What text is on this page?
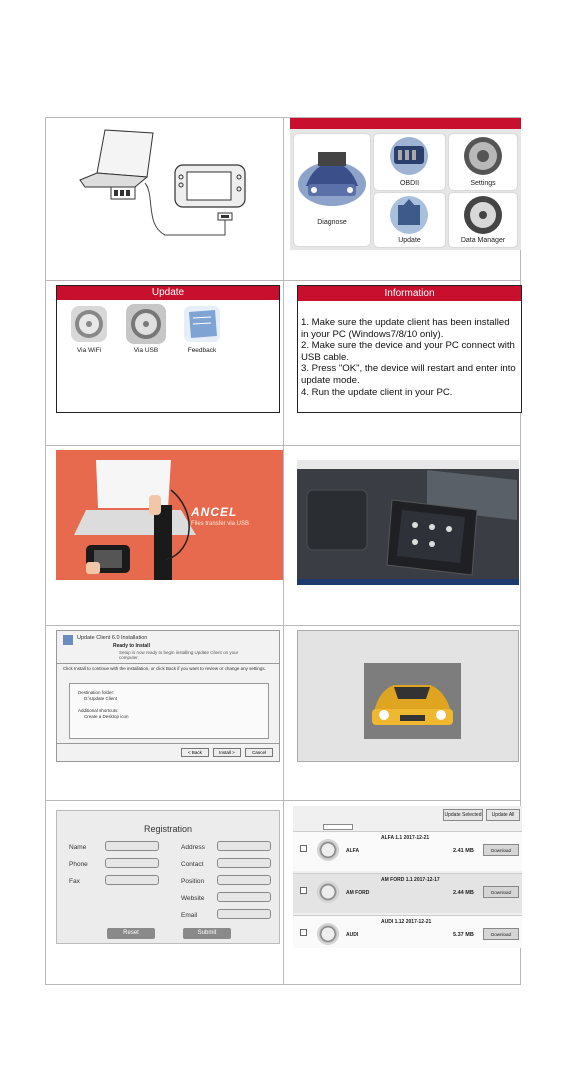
Diagnose
OBDII	Settings
Update	Data Manager
Update
Via WiFi	Via USB	Feedback
Information
1. Make sure the update client has been installed in your PC (Windows7/8/10 only).
2. Make sure the device and your PC connect with USB cable.
3. Press "OK", the device will restart and enter into update mode.
4. Run the update client in your PC.
ANCEL
Files transfer via USB
Update Client 6.0 Installation
Ready to Install
Setup is now ready to begin installing Update Client on your computer.
Click Install to continue with the installation, or click Back if you want to review or change any settings.
Destination folder:
D:\Update Client
Additional shortcuts:
Create a Desktop icon
< Back	Install >	Cancel
Registration
Name
Phone
Fax
Address
Contact
Position
Website
Email
Reset	Submit
Update Selected	Update All
ALFA 1.1 2017-12-21
ALFA	2.41 MB	Download
AM FORD 1.1 2017-12-17
AM FORD	2.44 MB	Download
AUDI 1.12 2017-12-21
AUDI	5.37 MB	Download
